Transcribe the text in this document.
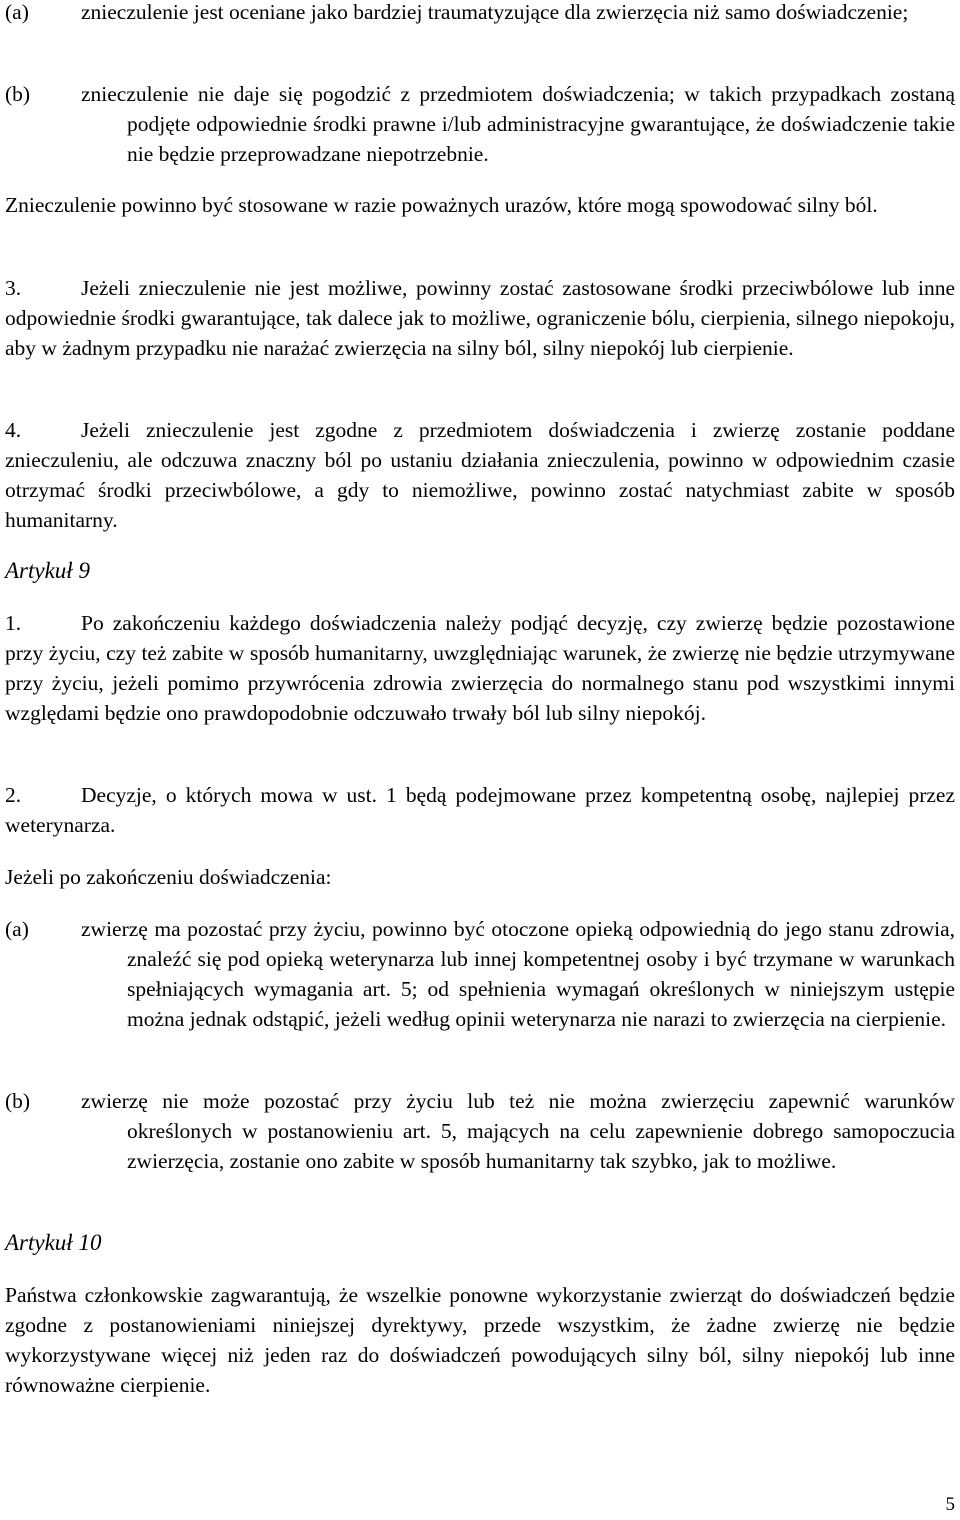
(a) znieczulenie jest oceniane jako bardziej traumatyzujące dla zwierzęcia niż samo doświadczenie;
(b) znieczulenie nie daje się pogodzić z przedmiotem doświadczenia; w takich przypadkach zostaną podjęte odpowiednie środki prawne i/lub administracyjne gwarantujące, że doświadczenie takie nie będzie przeprowadzane niepotrzebnie.

Znieczulenie powinno być stosowane w razie poważnych urazów, które mogą spowodować silny ból.

3.	Jeżeli znieczulenie nie jest możliwe, powinny zostać zastosowane środki przeciwbólowe lub inne odpowiednie środki gwarantujące, tak dalece jak to możliwe, ograniczenie bólu, cierpienia, silnego niepokoju, aby w żadnym przypadku nie narażać zwierzęcia na silny ból, silny niepokój lub cierpienie.

4.	Jeżeli znieczulenie jest zgodne z przedmiotem doświadczenia i zwierzę zostanie poddane znieczuleniu, ale odczuwa znaczny ból po ustaniu działania znieczulenia, powinno w odpowiednim czasie otrzymać środki przeciwbólowe, a gdy to niemożliwe, powinno zostać natychmiast zabite w sposób humanitarny.

Artykuł 9

1.	Po zakończeniu każdego doświadczenia należy podjąć decyzję, czy zwierzę będzie pozostawione przy życiu, czy też zabite w sposób humanitarny, uwzględniając warunek, że zwierzę nie będzie utrzymywane przy życiu, jeżeli pomimo przywrócenia zdrowia zwierzęcia do normalnego stanu pod wszystkimi innymi względami będzie ono prawdopodobnie odczuwało trwały ból lub silny niepokój.

2.	Decyzje, o których mowa w ust. 1 będą podejmowane przez kompetentną osobę, najlepiej przez weterynarza.

Jeżeli po zakończeniu doświadczenia:

(a) zwierzę ma pozostać przy życiu, powinno być otoczone opieką odpowiednią do jego stanu zdrowia, znaleźć się pod opieką weterynarza lub innej kompetentnej osoby i być trzymane w warunkach spełniających wymagania art. 5; od spełnienia wymagań określonych w niniejszym ustępie można jednak odstąpić, jeżeli według opinii weterynarza nie narazi to zwierzęcia na cierpienie.
(b) zwierzę nie może pozostać przy życiu lub też nie można zwierzęciu zapewnić warunków określonych w postanowieniu art. 5, mających na celu zapewnienie dobrego samopoczucia zwierzęcia, zostanie ono zabite w sposób humanitarny tak szybko, jak to możliwe.
Artykuł 10

Państwa członkowskie zagwarantują, że wszelkie ponowne wykorzystanie zwierząt do doświadczeń będzie zgodne z postanowieniami niniejszej dyrektywy, przede wszystkim, że żadne zwierzę nie będzie wykorzystywane więcej niż jeden raz do doświadczeń powodujących silny ból, silny niepokój lub inne równoważne cierpienie.

5
